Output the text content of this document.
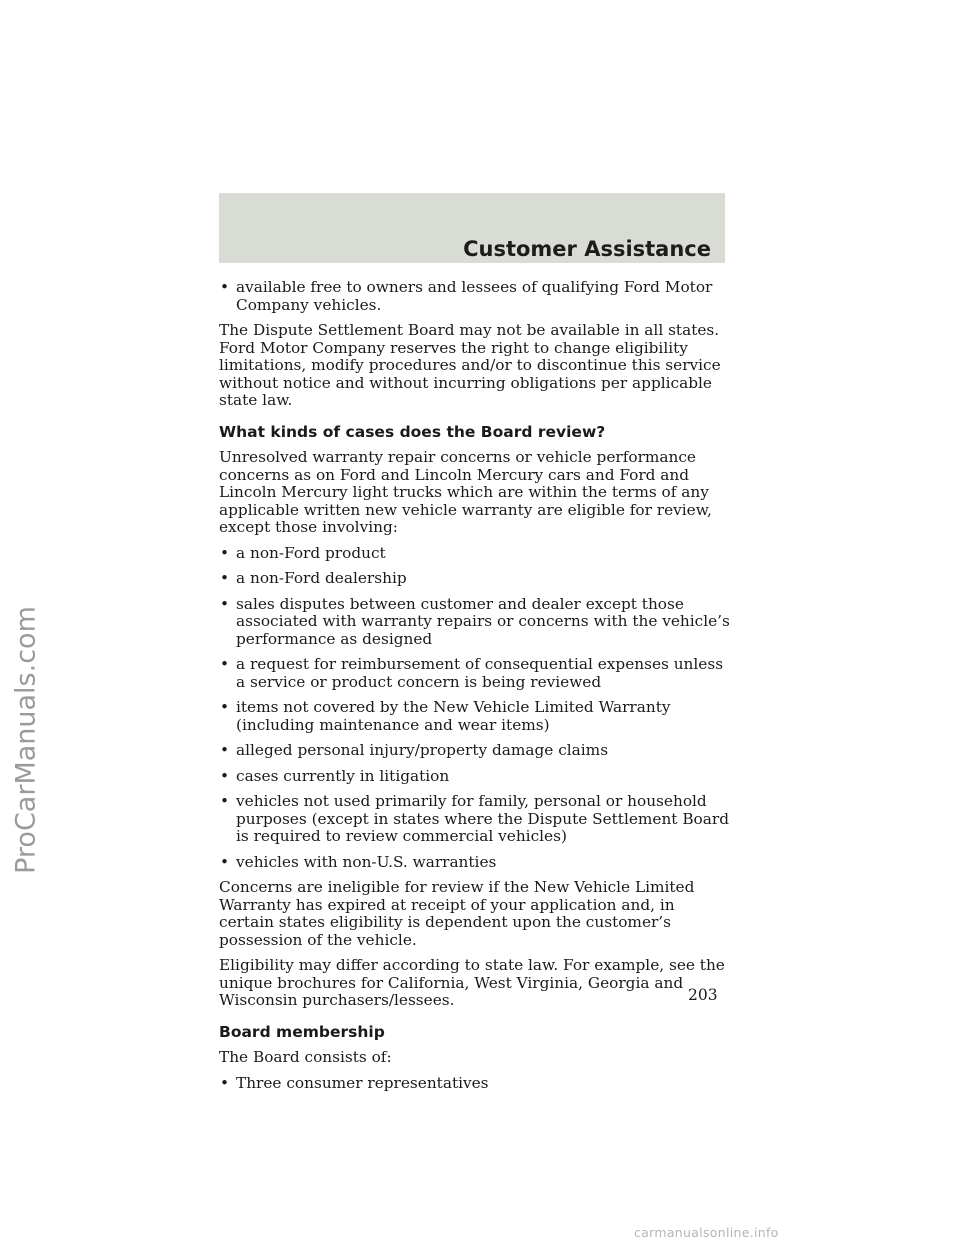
Customer Assistance
ProCarManuals.com
• available free to owners and lessees of qualifying Ford Motor Company vehicles.
The Dispute Settlement Board may not be available in all states. Ford Motor Company reserves the right to change eligibility limitations, modify procedures and/or to discontinue this service without notice and without incurring obligations per applicable state law.
What kinds of cases does the Board review?
Unresolved warranty repair concerns or vehicle performance concerns as on Ford and Lincoln Mercury cars and Ford and Lincoln Mercury light trucks which are within the terms of any applicable written new vehicle warranty are eligible for review, except those involving:
• a non-Ford product
• a non-Ford dealership
• sales disputes between customer and dealer except those associated with warranty repairs or concerns with the vehicle’s performance as designed
• a request for reimbursement of consequential expenses unless a service or product concern is being reviewed
• items not covered by the New Vehicle Limited Warranty (including maintenance and wear items)
• alleged personal injury/property damage claims
• cases currently in litigation
• vehicles not used primarily for family, personal or household purposes (except in states where the Dispute Settlement Board is required to review commercial vehicles)
• vehicles with non-U.S. warranties
Concerns are ineligible for review if the New Vehicle Limited Warranty has expired at receipt of your application and, in certain states eligibility is dependent upon the customer’s possession of the vehicle.
Eligibility may differ according to state law. For example, see the unique brochures for California, West Virginia, Georgia and Wisconsin purchasers/lessees.
Board membership
The Board consists of:
• Three consumer representatives
203
carmanualsonline.info
